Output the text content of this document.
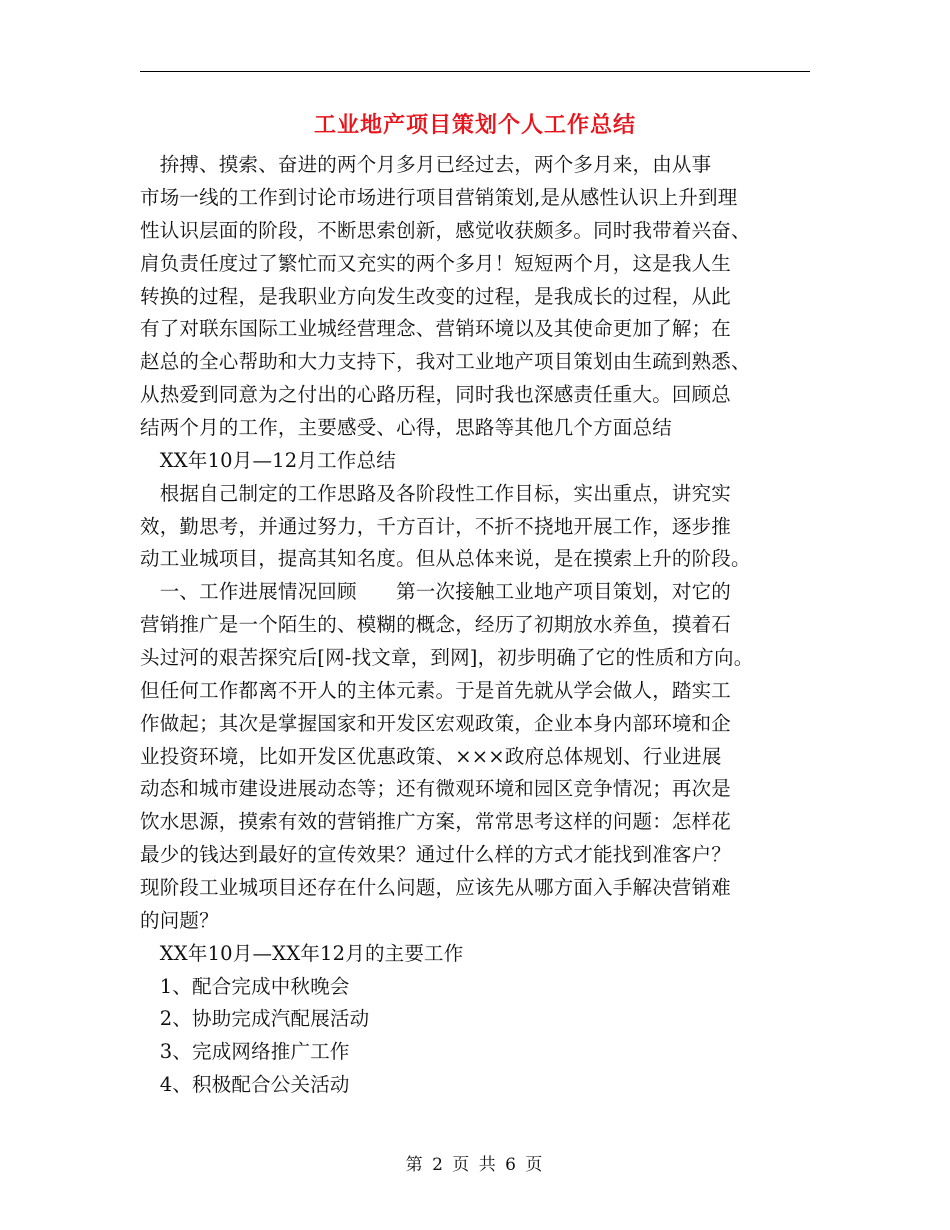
工业地产项目策划个人工作总结
　拚搏、摸索、奋进的两个月多月已经过去，两个多月来，由从事
市场一线的工作到讨论市场进行项目营销策划,是从感性认识上升到理
性认识层面的阶段，不断思索创新，感觉收获颇多。同时我带着兴奋、
肩负责任度过了繁忙而又充实的两个多月！短短两个月，这是我人生
转换的过程，是我职业方向发生改变的过程，是我成长的过程，从此
有了对联东国际工业城经营理念、营销环境以及其使命更加了解；在
赵总的全心帮助和大力支持下，我对工业地产项目策划由生疏到熟悉、
从热爱到同意为之付出的心路历程，同时我也深感责任重大。回顾总
结两个月的工作，主要感受、心得，思路等其他几个方面总结
　XX年10月—12月工作总结
　根据自己制定的工作思路及各阶段性工作目标，实出重点，讲究实
效，勤思考，并通过努力，千方百计，不折不挠地开展工作，逐步推
动工业城项目，提高其知名度。但从总体来说，是在摸索上升的阶段。
　一、工作进展情况回顾　　第一次接触工业地产项目策划，对它的
营销推广是一个陌生的、模糊的概念，经历了初期放水养鱼，摸着石
头过河的艰苦探究后[网-找文章，到网]，初步明确了它的性质和方向。
但任何工作都离不开人的主体元素。于是首先就从学会做人，踏实工
作做起；其次是掌握国家和开发区宏观政策，企业本身内部环境和企
业投资环境，比如开发区优惠政策、×××政府总体规划、行业进展
动态和城市建设进展动态等；还有微观环境和园区竞争情况；再次是
饮水思源，摸索有效的营销推广方案，常常思考这样的问题：怎样花
最少的钱达到最好的宣传效果？通过什么样的方式才能找到准客户？
现阶段工业城项目还存在什么问题，应该先从哪方面入手解决营销难
的问题？
　XX年10月—XX年12月的主要工作
　1、配合完成中秋晚会
　2、协助完成汽配展活动
　3、完成网络推广工作
　4、积极配合公关活动
第 2 页 共 6 页
